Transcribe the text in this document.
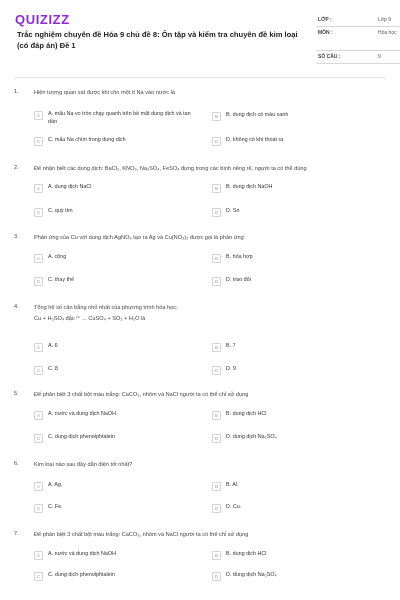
QUIZIZZ
Trắc nghiệm chuyên đề Hóa 9 chủ đề 8: Ôn tập và kiểm tra chuyên đề kim loại (có đáp án) Đề 1
LỚP :	Lớp 9
MÔN :	Hóa học
SỐ CÂU :	9
1.	Hiện tượng quan sát được khi cho một ít Na vào nước là
A	A. mẩu Na vo tròn chạy quanh trên bề mặt dung dịch và tan dần
B	B. dung dịch có màu xanh
C	C. mẩu Na chìm trong dung dịch	D	D. không có khí thoát ra
2.	Để nhận biết các dung dịch: BaCl₂, KNO₃, Na₂SO₄, FeSO₄ đựng trong các bình riêng rẽ, người ta có thể dùng
A	A. dung dịch NaCl	B	B. dung dịch NaOH
C	C. quỳ tím	D	D. Sn
3.	Phản ứng của Cu với dung dịch AgNO₃ tạo ra Ag và Cu(NO₃)₂ được gọi là phản ứng
A	A. cộng	B	B. hóa hợp
C	C. thay thế	D	D. trao đổi
4.	Tổng hệ số cân bằng nhỏ nhất của phương trình hóa học:
Cu + H₂SO₄ đặc ᵗ° → CuSO₄ + SO₂ + H₂O là
A	A. 6	B	B. 7
C	C. 8	D	D. 9
5.	Để phân biệt 3 chất bột màu trắng: CaCO₃, nhôm và NaCl người ta có thể chỉ sử dụng
A	A. nước và dung dịch NaOH	B	B. dung dịch HCl
C	C. dung dịch phenolphtalein	D	D. dung dịch Na₂SO₄
6.	Kim loại nào sau đây dẫn điện tốt nhất?
A	A. Ag.	B	B. Al.
C	C. Fe.	D	D. Cu.
7.	Để phân biệt 3 chất bột màu trắng: CaCO₃, nhôm và NaCl người ta có thể chỉ sử dụng
A	A. nước và dung dịch NaOH	B	B. dung dịch HCl
C	C. dung dịch phenolphtalein	D	D. dung dịch Na₂SO₄
